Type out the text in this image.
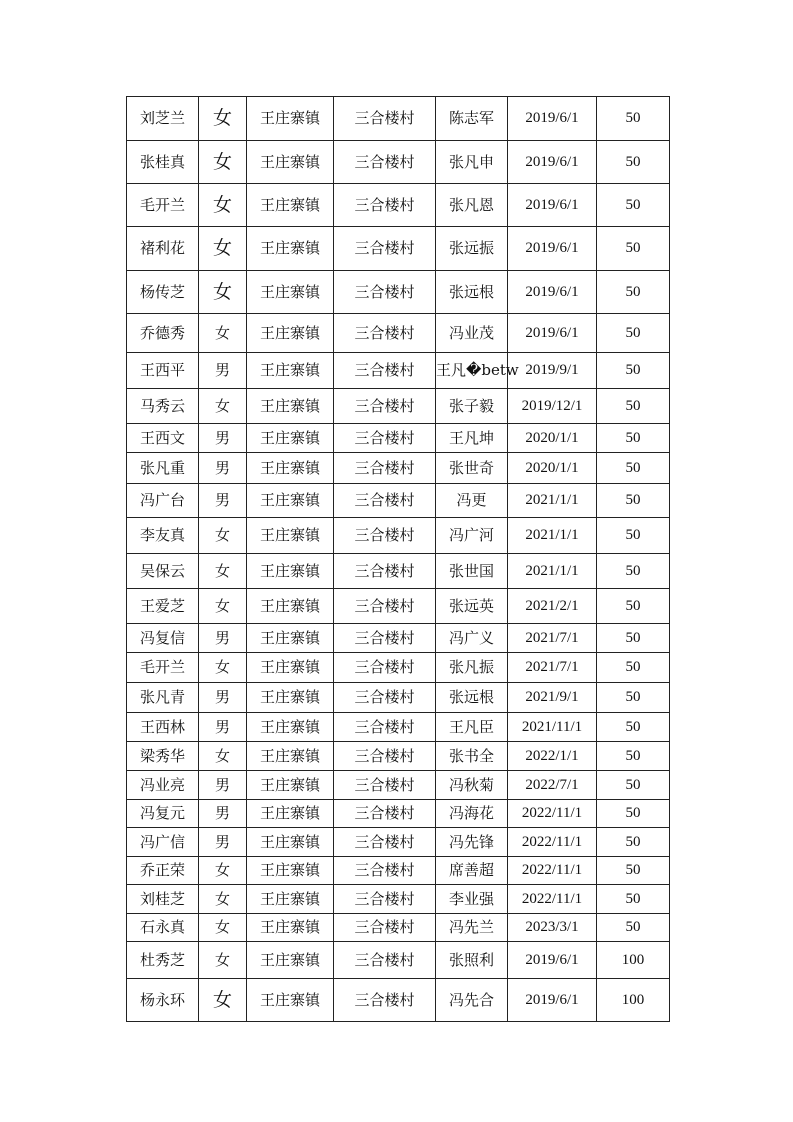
刘芝兰	女	王庄寨镇	三合楼村	陈志军	2019/6/1	50
张桂真	女	王庄寨镇	三合楼村	张凡申	2019/6/1	50
毛开兰	女	王庄寨镇	三合楼村	张凡恩	2019/6/1	50
褚利花	女	王庄寨镇	三合楼村	张远振	2019/6/1	50
杨传芝	女	王庄寨镇	三合楼村	张远根	2019/6/1	50
乔德秀	女	王庄寨镇	三合楼村	冯业茂	2019/6/1	50
王西平	男	王庄寨镇	三合楼村	王凡�betw	2019/9/1	50
马秀云	女	王庄寨镇	三合楼村	张子毅	2019/12/1	50
王西文	男	王庄寨镇	三合楼村	王凡坤	2020/1/1	50
张凡重	男	王庄寨镇	三合楼村	张世奇	2020/1/1	50
冯广台	男	王庄寨镇	三合楼村	冯更	2021/1/1	50
李友真	女	王庄寨镇	三合楼村	冯广河	2021/1/1	50
吴保云	女	王庄寨镇	三合楼村	张世国	2021/1/1	50
王爱芝	女	王庄寨镇	三合楼村	张远英	2021/2/1	50
冯复信	男	王庄寨镇	三合楼村	冯广义	2021/7/1	50
毛开兰	女	王庄寨镇	三合楼村	张凡振	2021/7/1	50
张凡青	男	王庄寨镇	三合楼村	张远根	2021/9/1	50
王西林	男	王庄寨镇	三合楼村	王凡臣	2021/11/1	50
梁秀华	女	王庄寨镇	三合楼村	张书全	2022/1/1	50
冯业亮	男	王庄寨镇	三合楼村	冯秋菊	2022/7/1	50
冯复元	男	王庄寨镇	三合楼村	冯海花	2022/11/1	50
冯广信	男	王庄寨镇	三合楼村	冯先锋	2022/11/1	50
乔正荣	女	王庄寨镇	三合楼村	席善超	2022/11/1	50
刘桂芝	女	王庄寨镇	三合楼村	李业强	2022/11/1	50
石永真	女	王庄寨镇	三合楼村	冯先兰	2023/3/1	50
杜秀芝	女	王庄寨镇	三合楼村	张照利	2019/6/1	100
杨永环	女	王庄寨镇	三合楼村	冯先合	2019/6/1	100
